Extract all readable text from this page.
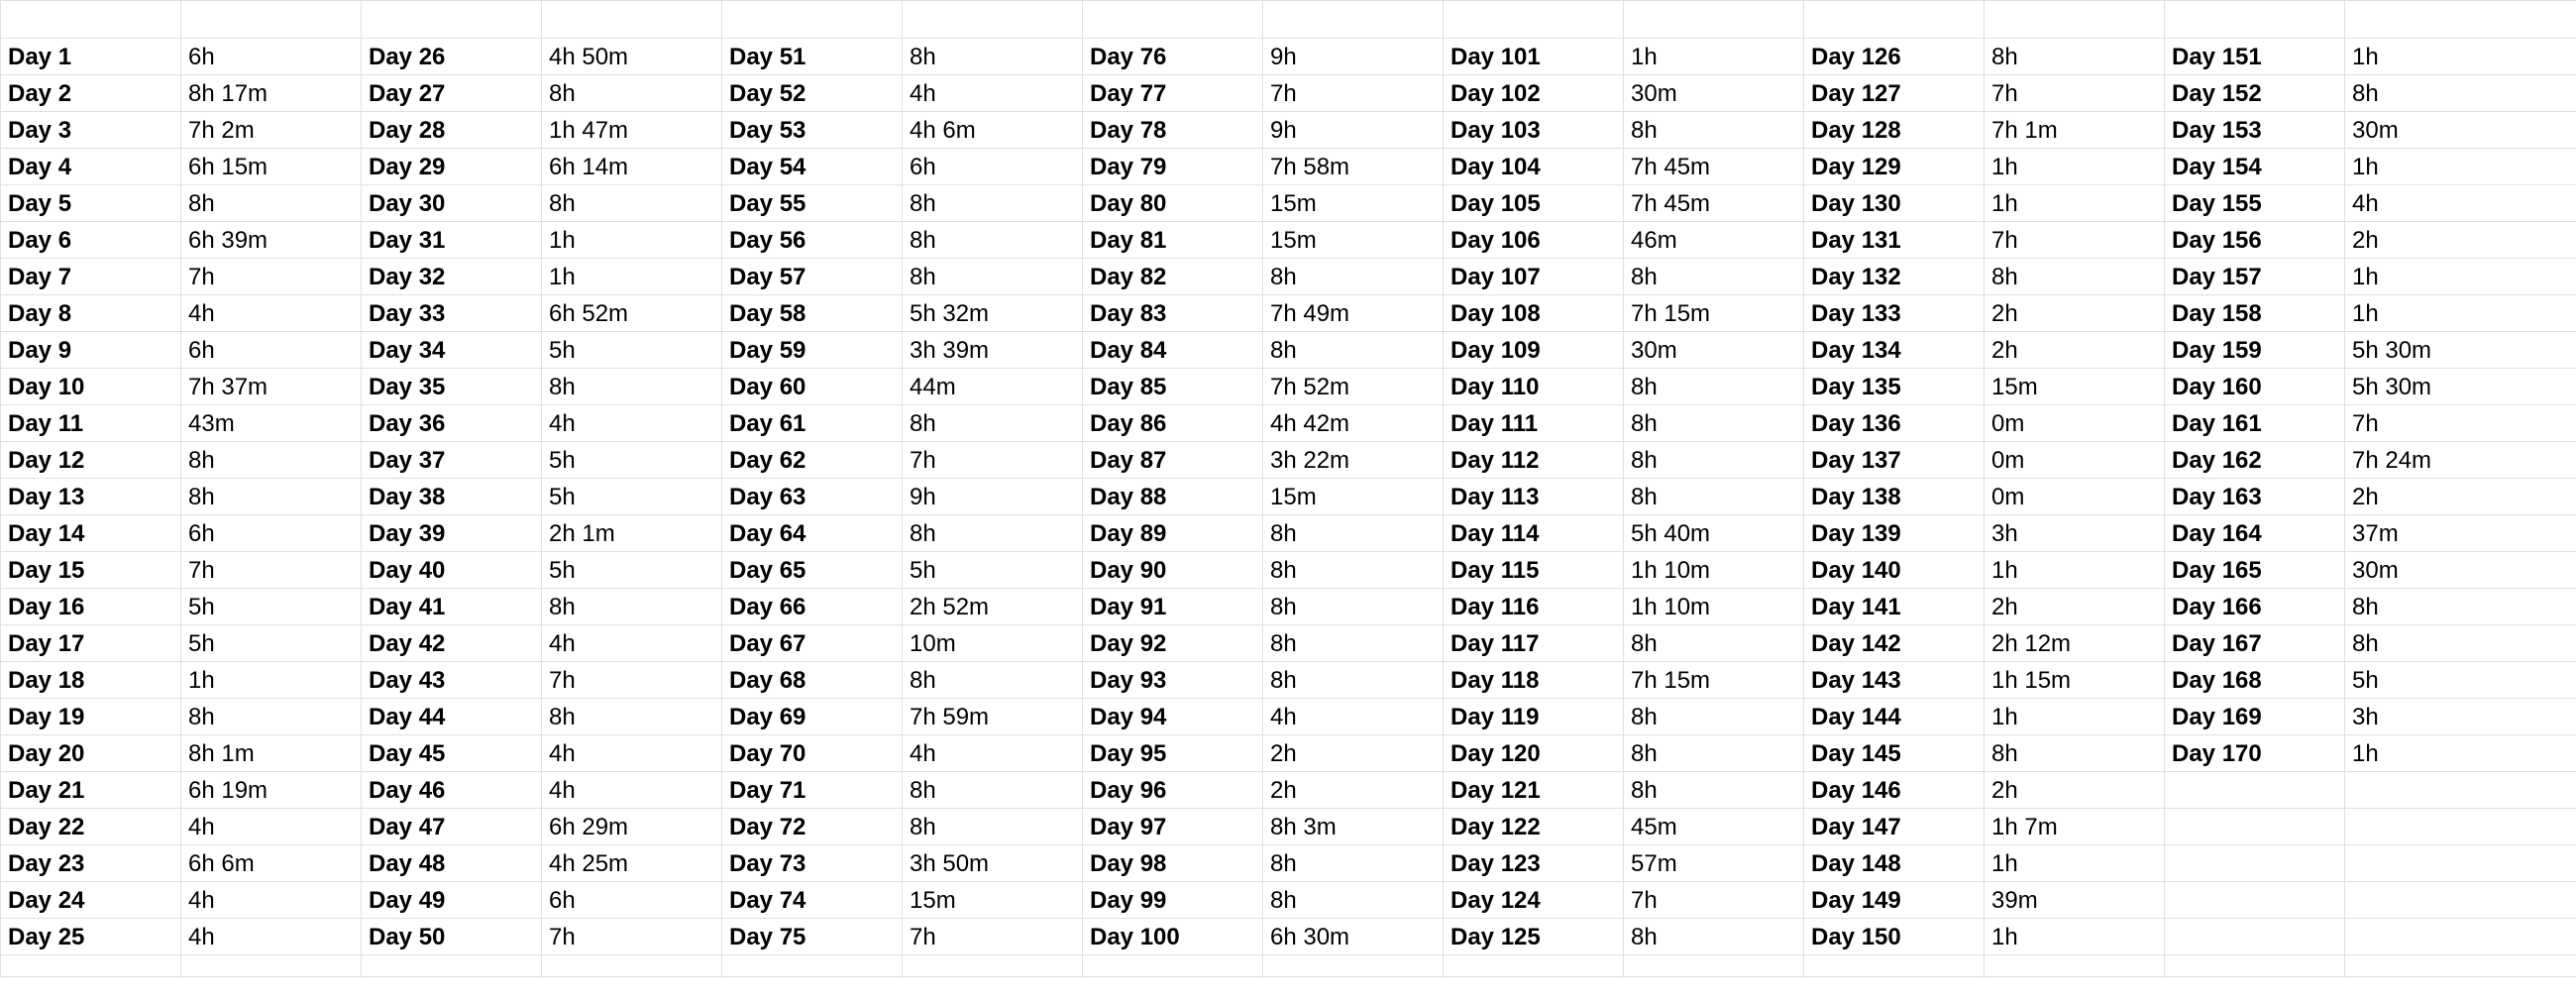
Day 1	6h	Day 26	4h 50m	Day 51	8h	Day 76	9h	Day 101	1h	Day 126	8h	Day 151	1h
Day 2	8h 17m	Day 27	8h	Day 52	4h	Day 77	7h	Day 102	30m	Day 127	7h	Day 152	8h
Day 3	7h 2m	Day 28	1h 47m	Day 53	4h 6m	Day 78	9h	Day 103	8h	Day 128	7h 1m	Day 153	30m
Day 4	6h 15m	Day 29	6h 14m	Day 54	6h	Day 79	7h 58m	Day 104	7h 45m	Day 129	1h	Day 154	1h
Day 5	8h	Day 30	8h	Day 55	8h	Day 80	15m	Day 105	7h 45m	Day 130	1h	Day 155	4h
Day 6	6h 39m	Day 31	1h	Day 56	8h	Day 81	15m	Day 106	46m	Day 131	7h	Day 156	2h
Day 7	7h	Day 32	1h	Day 57	8h	Day 82	8h	Day 107	8h	Day 132	8h	Day 157	1h
Day 8	4h	Day 33	6h 52m	Day 58	5h 32m	Day 83	7h 49m	Day 108	7h 15m	Day 133	2h	Day 158	1h
Day 9	6h	Day 34	5h	Day 59	3h 39m	Day 84	8h	Day 109	30m	Day 134	2h	Day 159	5h 30m
Day 10	7h 37m	Day 35	8h	Day 60	44m	Day 85	7h 52m	Day 110	8h	Day 135	15m	Day 160	5h 30m
Day 11	43m	Day 36	4h	Day 61	8h	Day 86	4h 42m	Day 111	8h	Day 136	0m	Day 161	7h
Day 12	8h	Day 37	5h	Day 62	7h	Day 87	3h 22m	Day 112	8h	Day 137	0m	Day 162	7h 24m
Day 13	8h	Day 38	5h	Day 63	9h	Day 88	15m	Day 113	8h	Day 138	0m	Day 163	2h
Day 14	6h	Day 39	2h 1m	Day 64	8h	Day 89	8h	Day 114	5h 40m	Day 139	3h	Day 164	37m
Day 15	7h	Day 40	5h	Day 65	5h	Day 90	8h	Day 115	1h 10m	Day 140	1h	Day 165	30m
Day 16	5h	Day 41	8h	Day 66	2h 52m	Day 91	8h	Day 116	1h 10m	Day 141	2h	Day 166	8h
Day 17	5h	Day 42	4h	Day 67	10m	Day 92	8h	Day 117	8h	Day 142	2h 12m	Day 167	8h
Day 18	1h	Day 43	7h	Day 68	8h	Day 93	8h	Day 118	7h 15m	Day 143	1h 15m	Day 168	5h
Day 19	8h	Day 44	8h	Day 69	7h 59m	Day 94	4h	Day 119	8h	Day 144	1h	Day 169	3h
Day 20	8h 1m	Day 45	4h	Day 70	4h	Day 95	2h	Day 120	8h	Day 145	8h	Day 170	1h
Day 21	6h 19m	Day 46	4h	Day 71	8h	Day 96	2h	Day 121	8h	Day 146	2h		
Day 22	4h	Day 47	6h 29m	Day 72	8h	Day 97	8h 3m	Day 122	45m	Day 147	1h 7m		
Day 23	6h 6m	Day 48	4h 25m	Day 73	3h 50m	Day 98	8h	Day 123	57m	Day 148	1h		
Day 24	4h	Day 49	6h	Day 74	15m	Day 99	8h	Day 124	7h	Day 149	39m		
Day 25	4h	Day 50	7h	Day 75	7h	Day 100	6h 30m	Day 125	8h	Day 150	1h		
